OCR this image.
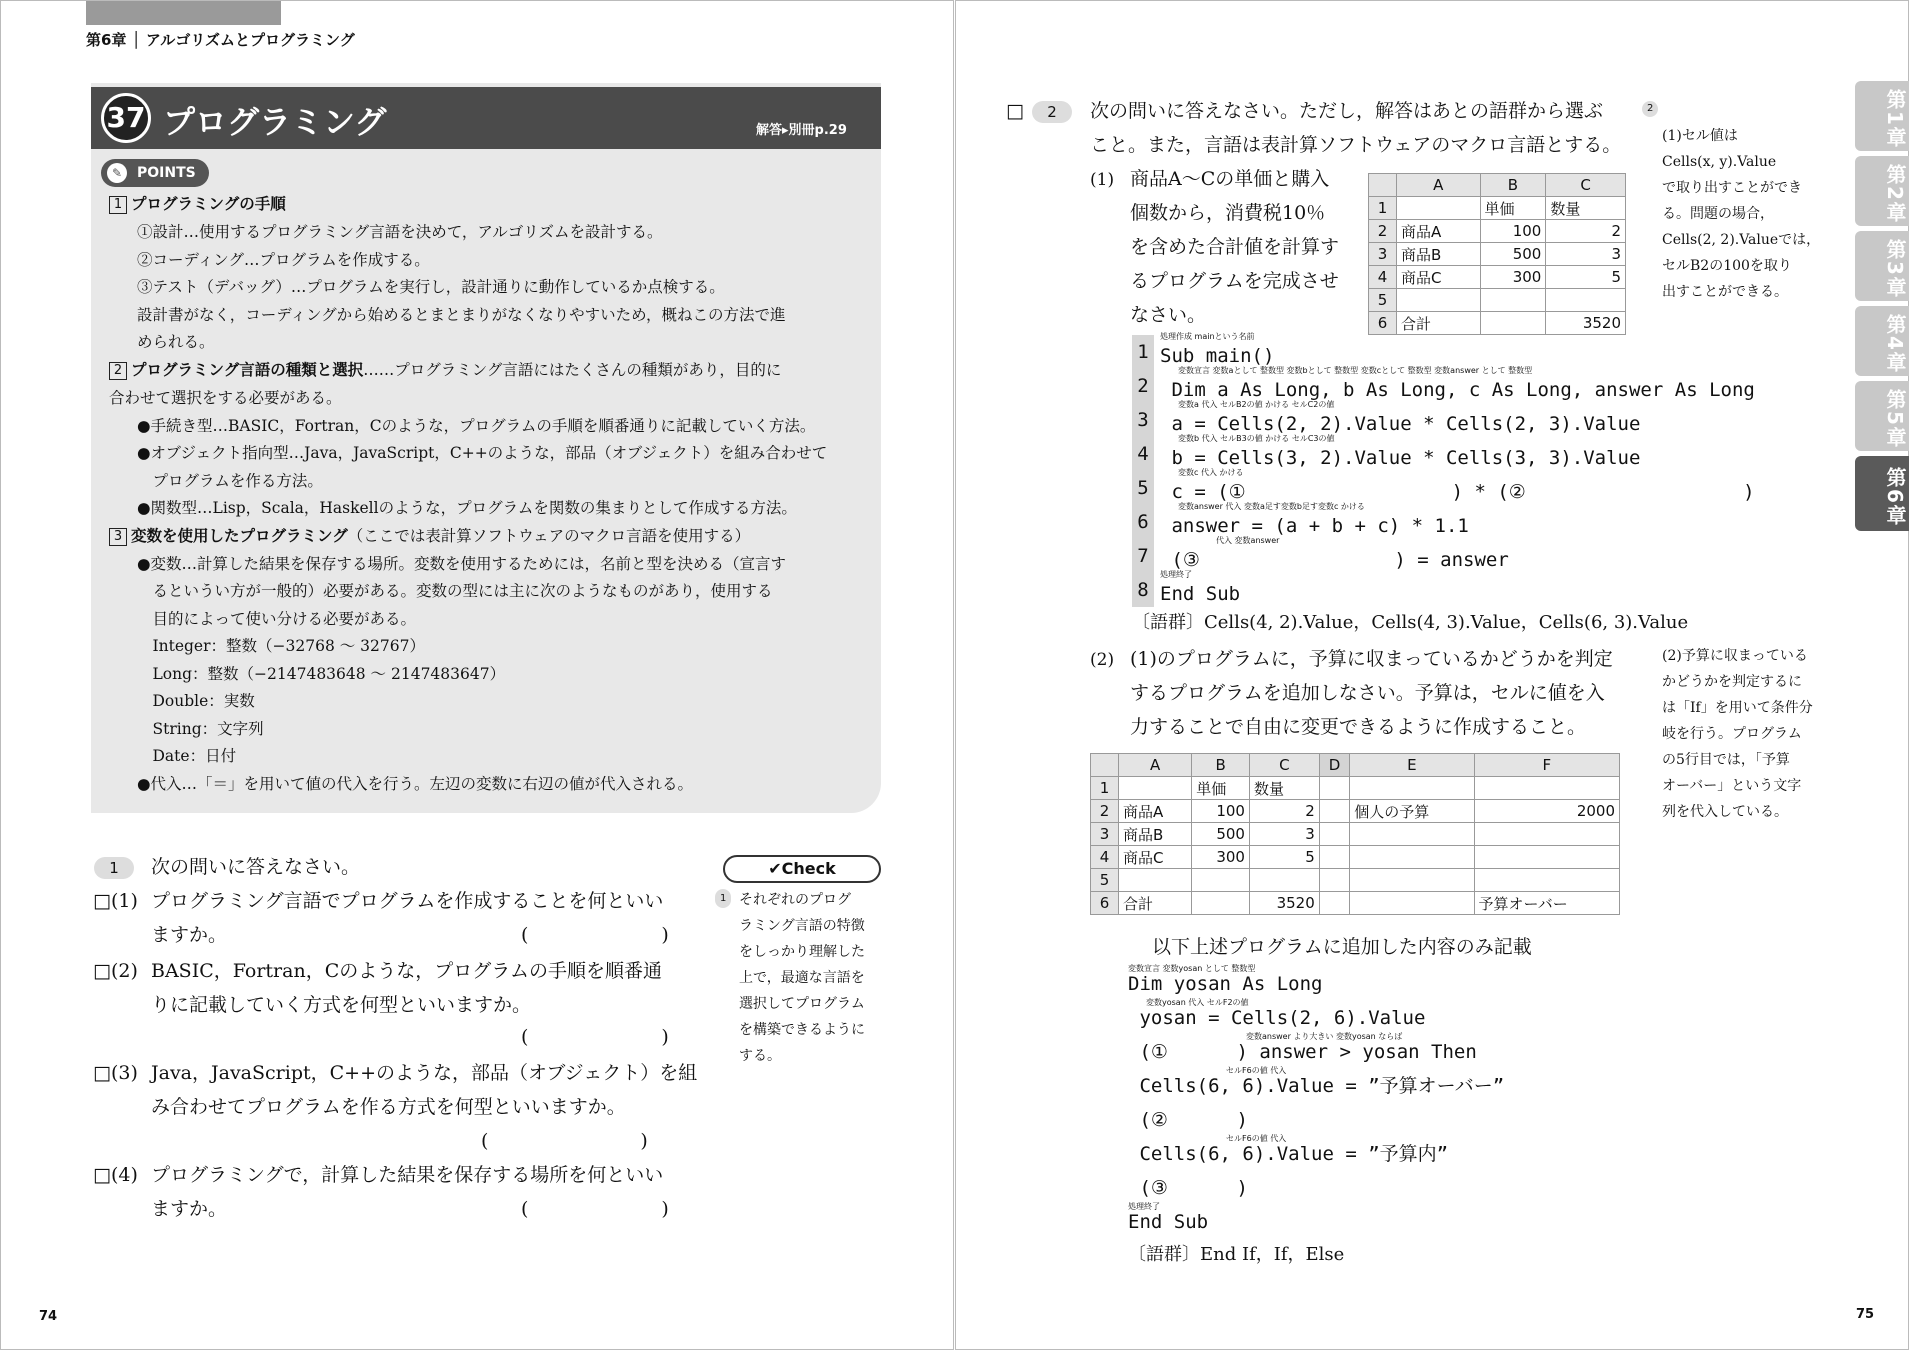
第6章 │ アルゴリズムとプログラミング
37 プログラミング	解答▸別冊p.29
POINTS
✎
1 プログラミングの手順
①設計…使用するプログラミング言語を決めて，アルゴリズムを設計する。
②コーディング…プログラムを作成する。
③テスト（デバッグ）…プログラムを実行し，設計通りに動作しているか点検する。
設計書がなく，コーディングから始めるとまとまりがなくなりやすいため，概ねこの方法で進
められる。
2 プログラミング言語の種類と選択……プログラミング言語にはたくさんの種類があり，目的に
合わせて選択をする必要がある。
●手続き型…BASIC，Fortran，Cのような，プログラムの手順を順番通りに記載していく方法。
●オブジェクト指向型…Java，JavaScript，C++のような，部品（オブジェクト）を組み合わせて
　プログラムを作る方法。
●関数型…Lisp，Scala，Haskellのような，プログラムを関数の集まりとして作成する方法。
3 変数を使用したプログラミング（ここでは表計算ソフトウェアのマクロ言語を使用する）
●変数…計算した結果を保存する場所。変数を使用するためには，名前と型を決める（宣言す
　るというい方が一般的）必要がある。変数の型には主に次のようなものがあり，使用する
　目的によって使い分ける必要がある。
　Integer：整数（−32768 ～ 32767）
　Long：整数（−2147483648 ～ 2147483647）
　Double：実数
　String：文字列
　Date：日付
●代入…「＝」を用いて値の代入を行う。左辺の変数に右辺の値が代入される。
1	次の問いに答えなさい。
□(1) プログラミング言語でプログラムを作成することを何といい
ますか。	(　　　　　　　)
□(2) BASIC，Fortran，Cのような，プログラムの手順を順番通
りに記載していく方式を何型といいますか。
(　　　　　　　)
□(3) Java，JavaScript，C++のような，部品（オブジェクト）を組
み合わせてプログラムを作る方式を何型といいますか。
(　　　　　　　　)
□(4) プログラミングで，計算した結果を保存する場所を何といい
ますか。	(　　　　　　　)
✔Check
1 それぞれのプログ
ラミング言語の特徴
をしっかり理解した
上で，最適な言語を
選択してプログラム
を構築できるように
する。
74
第1章
第2章
第3章
第4章
第5章
第6章
□	2	次の問いに答えなさい。ただし，解答はあとの語群から選ぶ
こと。また，言語は表計算ソフトウェアのマクロ言語とする。
(1) 商品A～Cの単価と購入
個数から，消費税10％
を含めた合計値を計算す
るプログラムを完成させ
なさい。
	A	B	C
1		単価	数量
2	商品A	100	2
3	商品B	500	3
4	商品C	300	5
5			
6	合計		3520
1
2
3
4
5
6
7
8
処理作成 mainという名前
変数宣言 変数aとして 整数型 変数bとして 整数型 変数cとして 整数型 変数answer として 整数型
変数a 代入 セルB2の値 かける セルC2の値
変数b 代入 セルB3の値 かける セルC3の値
変数c 代入 かける
変数answer 代入 変数a足す変数b足す変数c かける
代入 変数answer
処理終了
Sub main()
Dim a As Long, b As Long, c As Long, answer As Long
a = Cells(2, 2).Value * Cells(2, 3).Value
b = Cells(3, 2).Value * Cells(3, 3).Value
c = (①                  ) * (②                   )
answer = (a + b + c) * 1.1
(③                 ) = answer
End Sub
〔語群〕Cells(4, 2).Value，Cells(4, 3).Value，Cells(6, 3).Value
(2) (1)のプログラムに，予算に収まっているかどうかを判定
するプログラムを追加しなさい。予算は，セルに値を入
力することで自由に変更できるように作成すること。
	A	B	C	D	E	F
1		単価	数量			
2	商品A	100	2		個人の予算	2000
3	商品B	500	3			
4	商品C	300	5			
5						
6	合計		3520			予算オーバー
以下上述プログラムに追加した内容のみ記載
変数宣言 変数yosan として 整数型
変数yosan 代入 セルF2の値
変数answer より大きい 変数yosan ならば
セルF6の値 代入
セルF6の値 代入
処理終了
Dim yosan As Long
yosan = Cells(2, 6).Value
(①      ) answer > yosan Then
Cells(6, 6).Value = ”予算オーバー”
(②      )
Cells(6, 6).Value = ”予算内”
(③      )
End Sub
〔語群〕End If，If，Else
2
(1)セル値は
Cells(x, y).Value
で取り出すことができ
る。問題の場合，
Cells(2, 2).Valueでは，
セルB2の100を取り
出すことができる。
(2)予算に収まっている
かどうかを判定するに
は「If」を用いて条件分
岐を行う。プログラム
の5行目では，「予算
オーバー」という文字
列を代入している。
75
